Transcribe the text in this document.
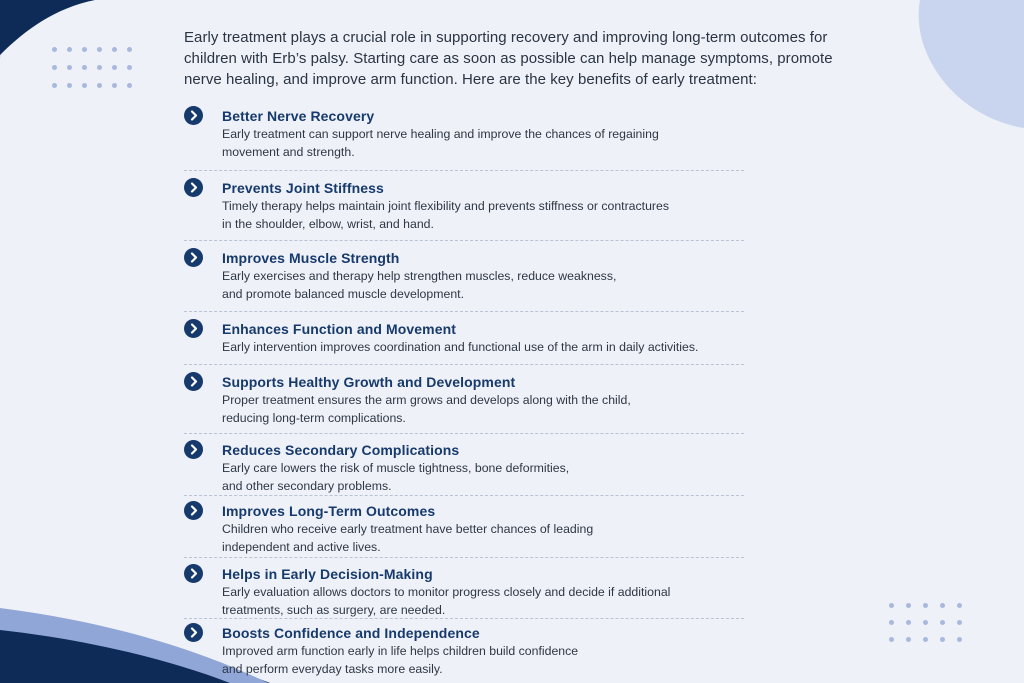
Early treatment plays a crucial role in supporting recovery and improving long-term outcomes for children with Erb’s palsy. Starting care as soon as possible can help manage symptoms, promote nerve healing, and improve arm function. Here are the key benefits of early treatment:

Better Nerve Recovery

Early treatment can support nerve healing and improve the chances of regaining
movement and strength.

Prevents Joint Stiffness

Timely therapy helps maintain joint flexibility and prevents stiffness or contractures
in the shoulder, elbow, wrist, and hand.

Improves Muscle Strength

Early exercises and therapy help strengthen muscles, reduce weakness,
and promote balanced muscle development.

Enhances Function and Movement

Early intervention improves coordination and functional use of the arm in daily activities.

Supports Healthy Growth and Development

Proper treatment ensures the arm grows and develops along with the child,
reducing long-term complications.

Reduces Secondary Complications

Early care lowers the risk of muscle tightness, bone deformities,
and other secondary problems.

Improves Long-Term Outcomes

Children who receive early treatment have better chances of leading
independent and active lives.

Helps in Early Decision-Making

Early evaluation allows doctors to monitor progress closely and decide if additional
treatments, such as surgery, are needed.

Boosts Confidence and Independence

Improved arm function early in life helps children build confidence
and perform everyday tasks more easily.
